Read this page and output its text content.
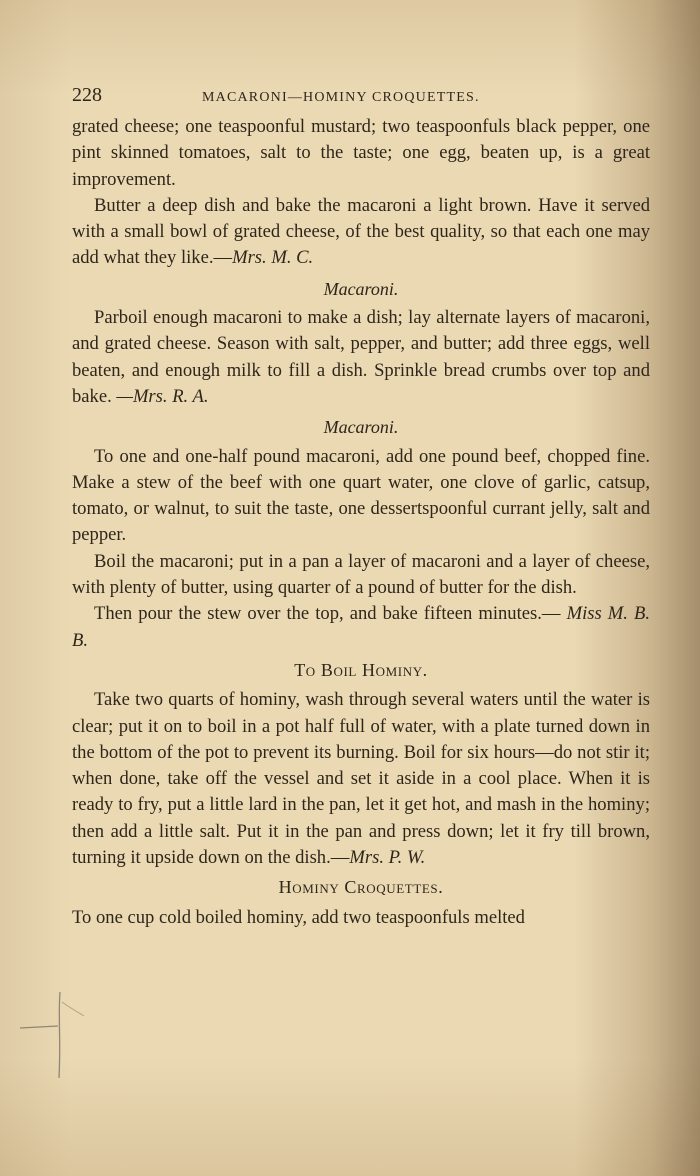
228	MACARONI—HOMINY CROQUETTES.

grated cheese; one teaspoonful mustard; two teaspoonfuls black pepper, one pint skinned tomatoes, salt to the taste; one egg, beaten up, is a great improvement.

Butter a deep dish and bake the macaroni a light brown. Have it served with a small bowl of grated cheese, of the best quality, so that each one may add what they like.—Mrs. M. C.

Macaroni.

Parboil enough macaroni to make a dish; lay alternate layers of macaroni, and grated cheese. Season with salt, pepper, and butter; add three eggs, well beaten, and enough milk to fill a dish. Sprinkle bread crumbs over top and bake. —Mrs. R. A.

Macaroni.

To one and one-half pound macaroni, add one pound beef, chopped fine. Make a stew of the beef with one quart water, one clove of garlic, catsup, tomato, or walnut, to suit the taste, one dessertspoonful currant jelly, salt and pepper.

Boil the macaroni; put in a pan a layer of macaroni and a layer of cheese, with plenty of butter, using quarter of a pound of butter for the dish.

Then pour the stew over the top, and bake fifteen minutes.— Miss M. B. B.

To Boil Hominy.

Take two quarts of hominy, wash through several waters until the water is clear; put it on to boil in a pot half full of water, with a plate turned down in the bottom of the pot to prevent its burning. Boil for six hours—do not stir it; when done, take off the vessel and set it aside in a cool place. When it is ready to fry, put a little lard in the pan, let it get hot, and mash in the hominy; then add a little salt. Put it in the pan and press down; let it fry till brown, turning it upside down on the dish.—Mrs. P. W.

Hominy Croquettes.

To one cup cold boiled hominy, add two teaspoonfuls melted
